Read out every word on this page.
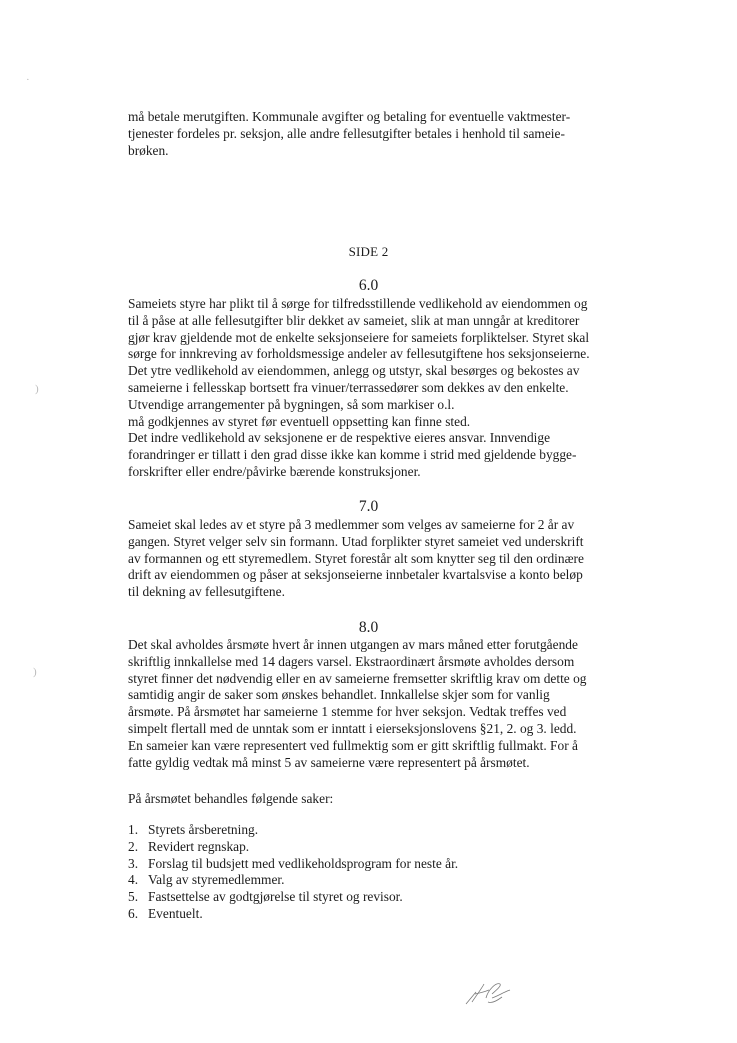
må betale merutgiften. Kommunale avgifter og betaling for eventuelle vaktmester-
tjenester fordeles pr. seksjon, alle andre fellesutgifter betales i henhold til sameie-
brøken.
SIDE 2
6.0
Sameiets styre har plikt til å sørge for tilfredsstillende vedlikehold av eiendommen og
til å påse at alle fellesutgifter blir dekket av sameiet, slik at man unngår at kreditorer
gjør krav gjeldende mot de enkelte seksjonseiere for sameiets forpliktelser. Styret skal
sørge for innkreving av forholdsmessige andeler av fellesutgiftene hos seksjonseierne.
Det ytre vedlikehold av eiendommen, anlegg og utstyr, skal besørges og bekostes av
sameierne i fellesskap bortsett fra vinuer/terrassedører som dekkes av den enkelte.
Utvendige arrangementer på bygningen, så som markiser o.l.
må godkjennes av styret før eventuell oppsetting kan finne sted.
Det indre vedlikehold av seksjonene er de respektive eieres ansvar. Innvendige
forandringer er tillatt i den grad disse ikke kan komme i strid med gjeldende bygge-
forskrifter eller endre/påvirke bærende konstruksjoner.
7.0
Sameiet skal ledes av et styre på 3 medlemmer som velges av sameierne for 2 år av
gangen. Styret velger selv sin formann. Utad forplikter styret sameiet ved underskrift
av formannen og ett styremedlem. Styret forestår alt som knytter seg til den ordinære
drift av eiendommen og påser at seksjonseierne innbetaler kvartalsvise a konto beløp
til dekning av fellesutgiftene.
8.0
Det skal avholdes årsmøte hvert år innen utgangen av mars måned etter forutgående
skriftlig innkallelse med 14 dagers varsel. Ekstraordinært årsmøte avholdes dersom
styret finner det nødvendig eller en av sameierne fremsetter skriftlig krav om dette og
samtidig angir de saker som ønskes behandlet. Innkallelse skjer som for vanlig
årsmøte. På årsmøtet har sameierne 1 stemme for hver seksjon. Vedtak treffes ved
simpelt flertall med de unntak som er inntatt i eierseksjonslovens §21, 2. og 3. ledd.
En sameier kan være representert ved fullmektig som er gitt skriftlig fullmakt. For å
fatte gyldig vedtak må minst 5 av sameierne være representert på årsmøtet.
På årsmøtet behandles følgende saker:
1. Styrets årsberetning.
2. Revidert regnskap.
3. Forslag til budsjett med vedlikeholdsprogram for neste år.
4. Valg av styremedlemmer.
5. Fastsettelse av godtgjørelse til styret og revisor.
6. Eventuelt.
·
)
)
